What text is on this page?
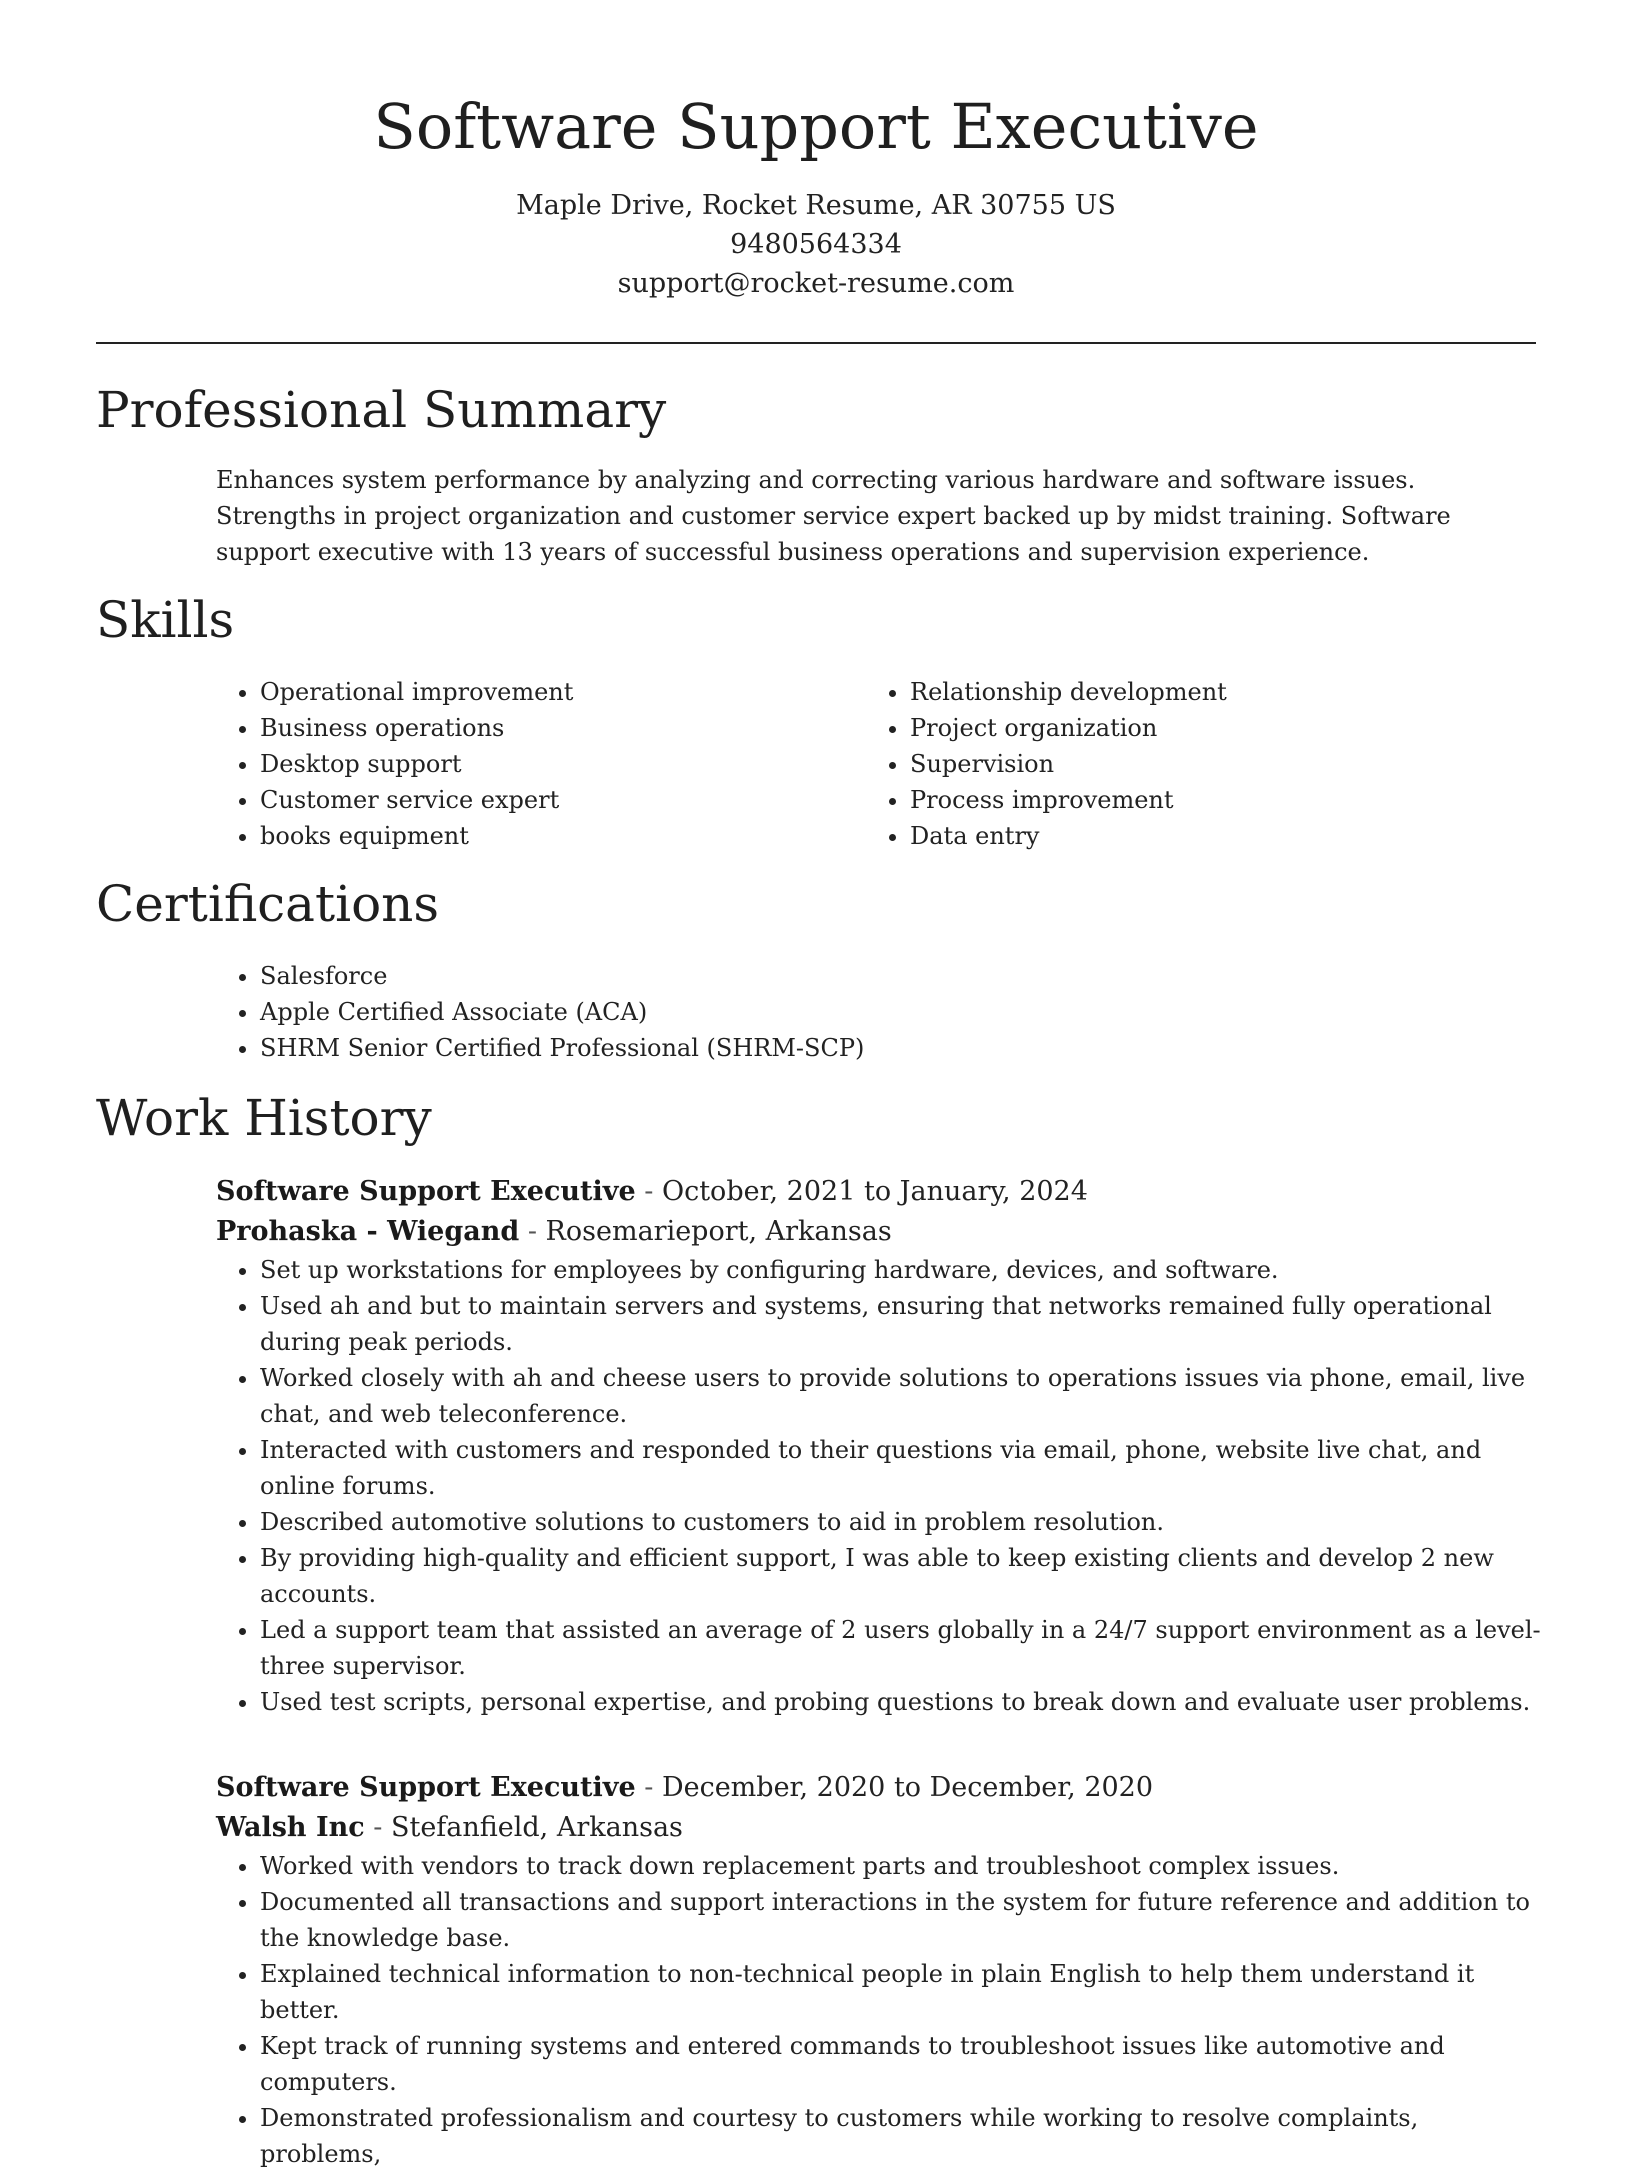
Software Support Executive

Maple Drive, Rocket Resume, AR 30755 US

9480564334

support@rocket-resume.com

Professional Summary

Enhances system performance by analyzing and correcting various hardware and software issues. Strengths in project organization and customer service expert backed up by midst training. Software support executive with 13 years of successful business operations and supervision experience.

Skills
• Operational improvement
• Business operations
• Desktop support
• Customer service expert
• books equipment
• Relationship development
• Project organization
• Supervision
• Process improvement
• Data entry
Certifications
• Salesforce
• Apple Certified Associate (ACA)
• SHRM Senior Certified Professional (SHRM-SCP)
Work History

Software Support Executive - October, 2021 to January, 2024

Prohaska - Wiegand - Rosemarieport, Arkansas

• Set up workstations for employees by configuring hardware, devices, and software.
• Used ah and but to maintain servers and systems, ensuring that networks remained fully operational during peak periods.
• Worked closely with ah and cheese users to provide solutions to operations issues via phone, email, live chat, and web teleconference.
• Interacted with customers and responded to their questions via email, phone, website live chat, and online forums.
• Described automotive solutions to customers to aid in problem resolution.
• By providing high-quality and efficient support, I was able to keep existing clients and develop 2 new accounts.
• Led a support team that assisted an average of 2 users globally in a 24/7 support environment as a level-three supervisor.
• Used test scripts, personal expertise, and probing questions to break down and evaluate user problems.

Software Support Executive - December, 2020 to December, 2020

Walsh Inc - Stefanfield, Arkansas

• Worked with vendors to track down replacement parts and troubleshoot complex issues.
• Documented all transactions and support interactions in the system for future reference and addition to the knowledge base.
• Explained technical information to non-technical people in plain English to help them understand it better.
• Kept track of running systems and entered commands to troubleshoot issues like automotive and computers.
• Demonstrated professionalism and courtesy to customers while working to resolve complaints, problems,
